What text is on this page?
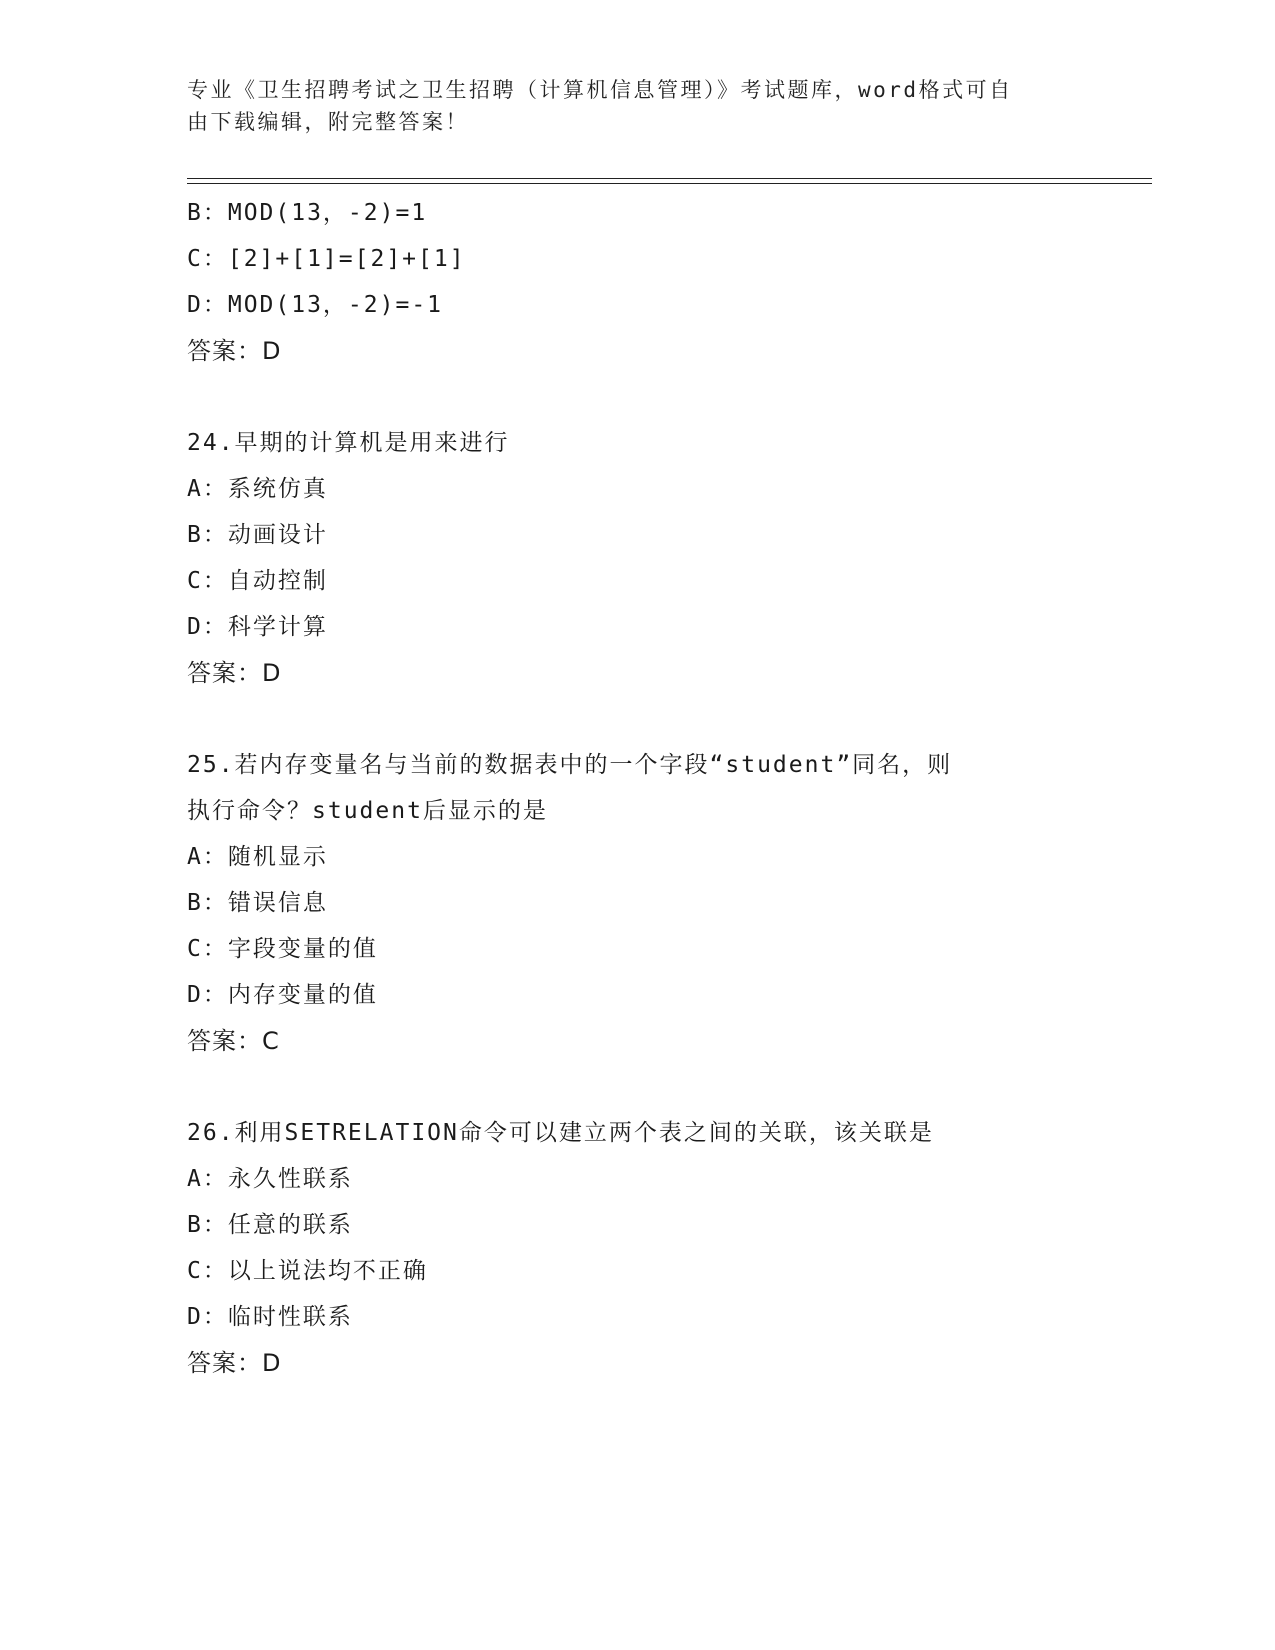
专业《卫生招聘考试之卫生招聘（计算机信息管理）》考试题库，word格式可自
由下载编辑，附完整答案！
B：MOD(13，-2)=1
C：[2]+[1]=[2]+[1]
D：MOD(13，-2)=-1
答案：D
24.早期的计算机是用来进行
A：系统仿真
B：动画设计
C：自动控制
D：科学计算
答案：D
25.若内存变量名与当前的数据表中的一个字段“student”同名，则
执行命令？student后显示的是
A：随机显示
B：错误信息
C：字段变量的值
D：内存变量的值
答案：C
26.利用SETRELATION命令可以建立两个表之间的关联，该关联是
A：永久性联系
B：任意的联系
C：以上说法均不正确
D：临时性联系
答案：D
